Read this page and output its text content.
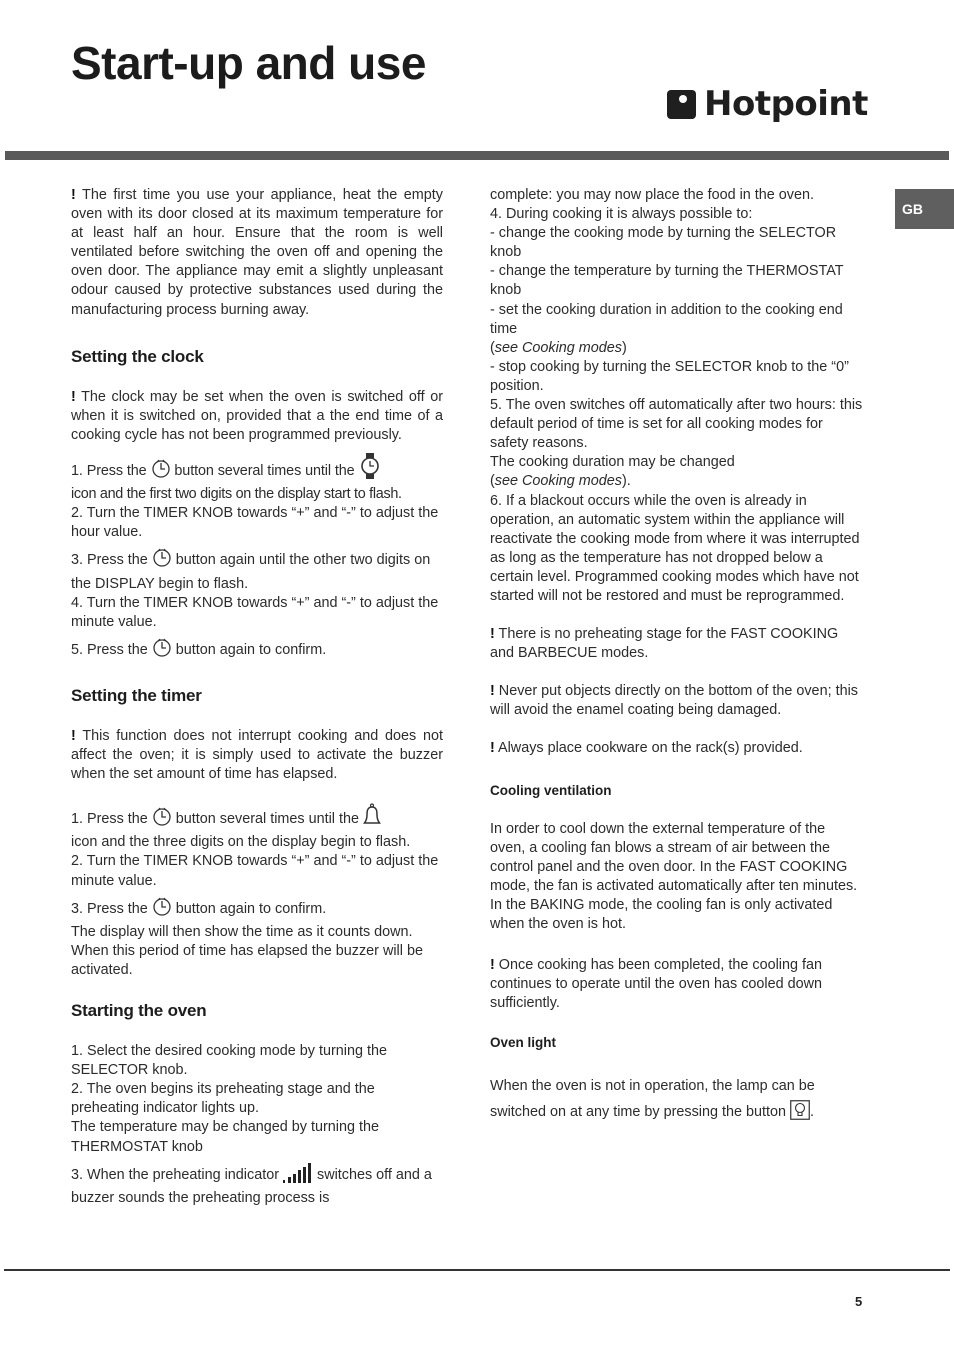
Start-up and use
Hotpoint
GB

! The first time you use your appliance, heat the empty oven with its door closed at its maximum temperature for at least half an hour. Ensure that the room is well ventilated before switching the oven off and opening the oven door. The appliance may emit a slightly unpleasant odour caused by protective substances used during the manufacturing process burning away.

Setting the clock

! The clock may be set when the oven is switched off or when it is switched on, provided that a the end time of a cooking cycle has not been programmed previously.

1. Press the button several times until the
icon and the first two digits on the display start to flash.

2. Turn the TIMER KNOB towards “+” and “-” to adjust the hour value.

3. Press the button again until the other two digits on the DISPLAY begin to flash.

4. Turn the TIMER KNOB towards “+” and “-” to adjust the minute value.

5. Press the button again to confirm.

Setting the timer

! This function does not interrupt cooking and does not affect the oven; it is simply used to activate the buzzer when the set amount of time has elapsed.

1. Press the button several times until the
icon and the three digits on the display begin to flash.

2. Turn the TIMER KNOB towards “+” and “-” to adjust the minute value.

3. Press the button again to confirm.

The display will then show the time as it counts down. When this period of time has elapsed the buzzer will be activated.

Starting the oven

1. Select the desired cooking mode by turning the SELECTOR knob.

2. The oven begins its preheating stage and the preheating indicator lights up.

The temperature may be changed by turning the THERMOSTAT knob

3. When the preheating indicator	switches off and a buzzer sounds the preheating process is

complete: you may now place the food in the oven.

4. During cooking it is always possible to:

- change the cooking mode by turning the SELECTOR knob

- change the temperature by turning the THERMOSTAT knob

- set the cooking duration in addition to the cooking end time

(see Cooking modes)

- stop cooking by turning the SELECTOR knob to the “0” position.

5. The oven switches off automatically after two hours: this default period of time is set for all cooking modes for safety reasons.

The cooking duration may be changed

(see Cooking modes).

6. If a blackout occurs while the oven is already in operation, an automatic system within the appliance will reactivate the cooking mode from where it was interrupted as long as the temperature has not dropped below a certain level. Programmed cooking modes which have not started will not be restored and must be reprogrammed.

! There is no preheating stage for the FAST COOKING and BARBECUE modes.

! Never put objects directly on the bottom of the oven; this will avoid the enamel coating being damaged.

! Always place cookware on the rack(s) provided.

Cooling ventilation

In order to cool down the external temperature of the oven, a cooling fan blows a stream of air between the control panel and the oven door. In the FAST COOKING mode, the fan is activated automatically after ten minutes. In the BAKING mode, the cooling fan is only activated when the oven is hot.

! Once cooking has been completed, the cooling fan continues to operate until the oven has cooled down sufficiently.

Oven light

When the oven is not in operation, the lamp can be switched on at any time by pressing the button .

5
